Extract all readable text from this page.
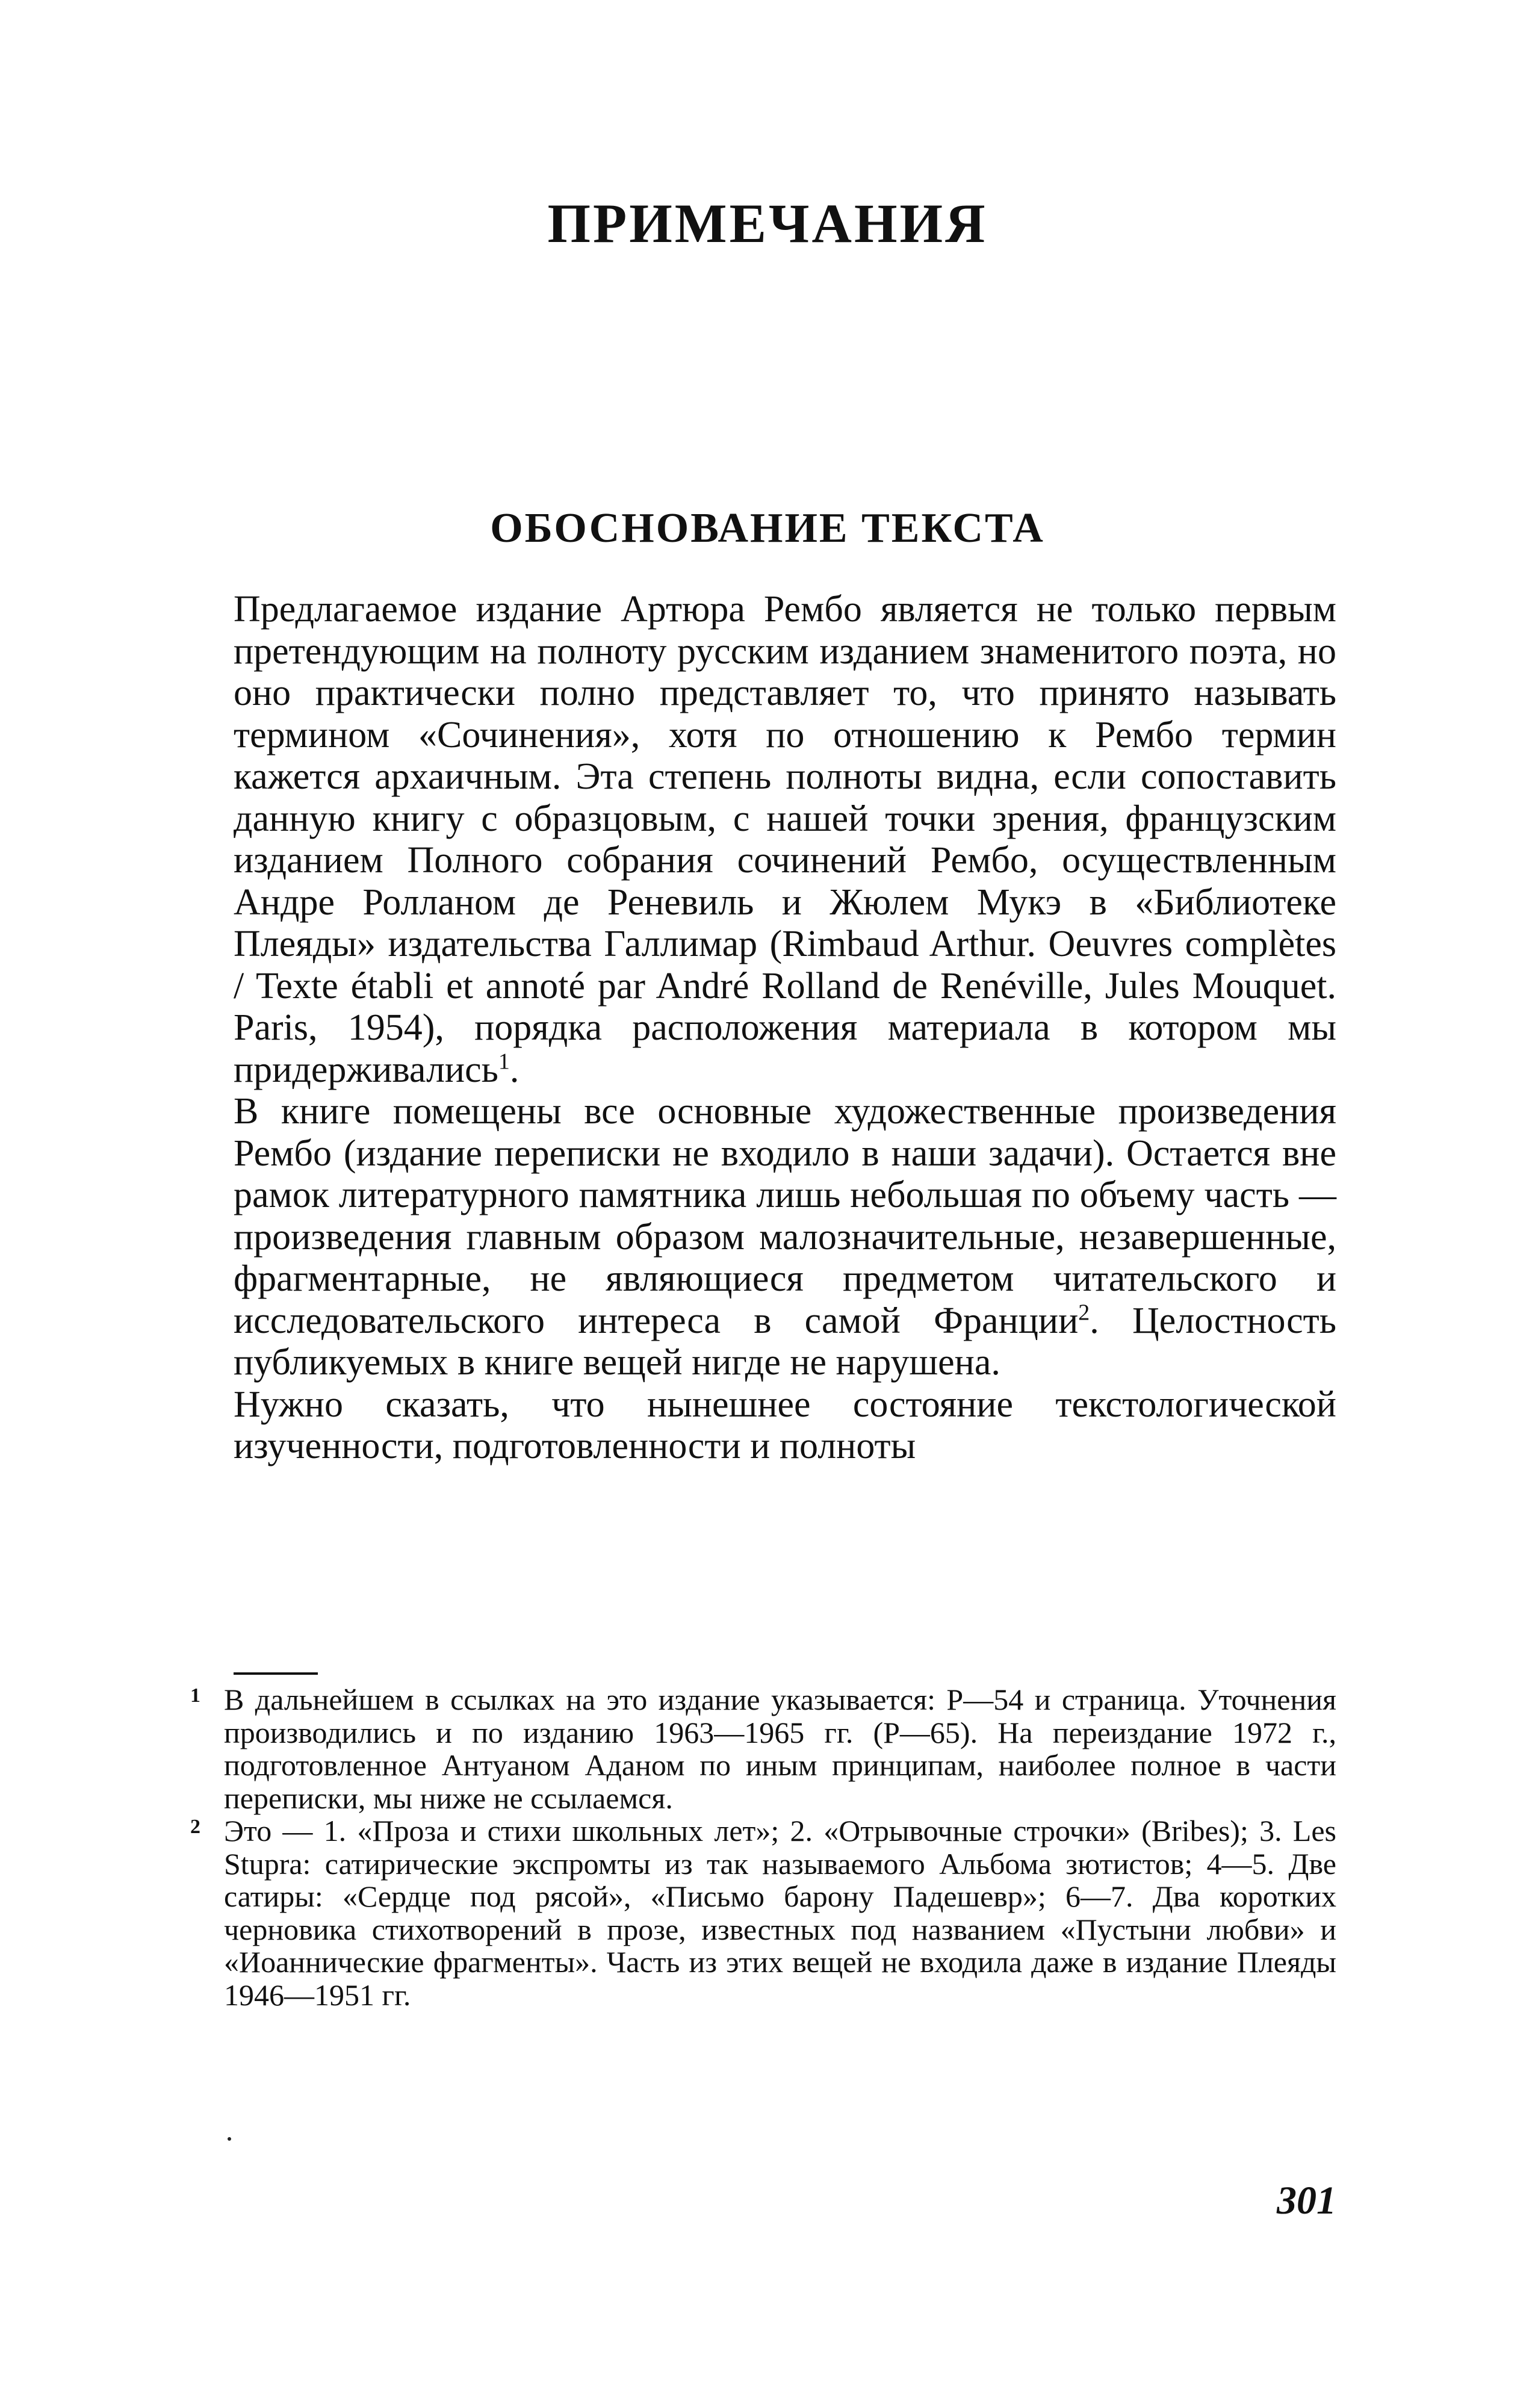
ПРИМЕЧАНИЯ
ОБОСНОВАНИЕ ТЕКСТА

Предлагаемое издание Артюра Рембо является не только первым претендующим на полноту русским изданием знаменитого поэта, но оно практически полно представляет то, что принято называть термином «Сочинения», хотя по отношению к Рембо термин кажется архаичным. Эта степень полноты видна, если сопоставить данную книгу с образцовым, с нашей точки зрения, французским изданием Полного собрания сочинений Рембо, осуществленным Андре Ролланом де Реневиль и Жюлем Мукэ в «Библиотеке Плеяды» издательства Галлимар (Rimbaud Arthur. Oeuvres complètes / Texte établi et annoté par André Rolland de Renéville, Jules Mouquet. Paris, 1954), порядка расположения материала в котором мы придерживались$^1$.

В книге помещены все основные художественные произведения Рембо (издание переписки не входило в наши задачи). Остается вне рамок литературного памятника лишь небольшая по объему часть — произведения главным образом малозначительные, незавершенные, фрагментарные, не являющиеся предметом читательского и исследовательского интереса в самой Франции$^2$. Целостность публикуемых в книге вещей нигде не нарушена.

Нужно сказать, что нынешнее состояние текстологической изученности, подготовленности и полноты

1 В дальнейшем в ссылках на это издание указывается: Р—54 и страница. Уточнения производились и по изданию 1963—1965 гг. (Р—65). На переиздание 1972 г., подготовленное Антуаном Аданом по иным принципам, наиболее полное в части переписки, мы ниже не ссылаемся.

2 Это — 1. «Проза и стихи школьных лет»; 2. «Отрывочные строчки» (Bribes); 3. Les Stupra: сатирические экспромты из так называемого Альбома зютистов; 4—5. Две сатиры: «Сердце под рясой», «Письмо барону Падешевр»; 6—7. Два коротких черновика стихотворений в прозе, известных под названием «Пустыни любви» и «Иоаннические фрагменты». Часть из этих вещей не входила даже в издание Плеяды 1946—1951 гг.

301
